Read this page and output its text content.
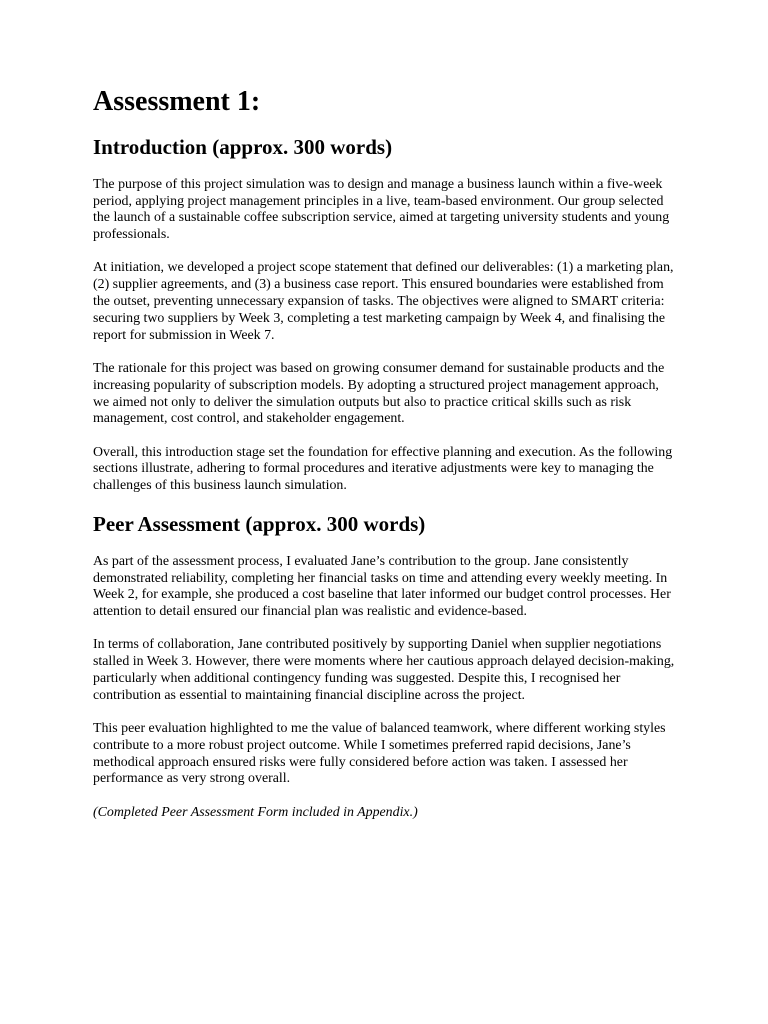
Assessment 1:
Introduction (approx. 300 words)

The purpose of this project simulation was to design and manage a business launch within a five-week period, applying project management principles in a live, team-based environment. Our group selected the launch of a sustainable coffee subscription service, aimed at targeting university students and young professionals.

At initiation, we developed a project scope statement that defined our deliverables: (1) a marketing plan, (2) supplier agreements, and (3) a business case report. This ensured boundaries were established from the outset, preventing unnecessary expansion of tasks. The objectives were aligned to SMART criteria: securing two suppliers by Week 3, completing a test marketing campaign by Week 4, and finalising the report for submission in Week 7.

The rationale for this project was based on growing consumer demand for sustainable products and the increasing popularity of subscription models. By adopting a structured project management approach, we aimed not only to deliver the simulation outputs but also to practice critical skills such as risk management, cost control, and stakeholder engagement.

Overall, this introduction stage set the foundation for effective planning and execution. As the following sections illustrate, adhering to formal procedures and iterative adjustments were key to managing the challenges of this business launch simulation.

Peer Assessment (approx. 300 words)

As part of the assessment process, I evaluated Jane’s contribution to the group. Jane consistently demonstrated reliability, completing her financial tasks on time and attending every weekly meeting. In Week 2, for example, she produced a cost baseline that later informed our budget control processes. Her attention to detail ensured our financial plan was realistic and evidence-based.

In terms of collaboration, Jane contributed positively by supporting Daniel when supplier negotiations stalled in Week 3. However, there were moments where her cautious approach delayed decision-making, particularly when additional contingency funding was suggested. Despite this, I recognised her contribution as essential to maintaining financial discipline across the project.

This peer evaluation highlighted to me the value of balanced teamwork, where different working styles contribute to a more robust project outcome. While I sometimes preferred rapid decisions, Jane’s methodical approach ensured risks were fully considered before action was taken. I assessed her performance as very strong overall.

(Completed Peer Assessment Form included in Appendix.)
